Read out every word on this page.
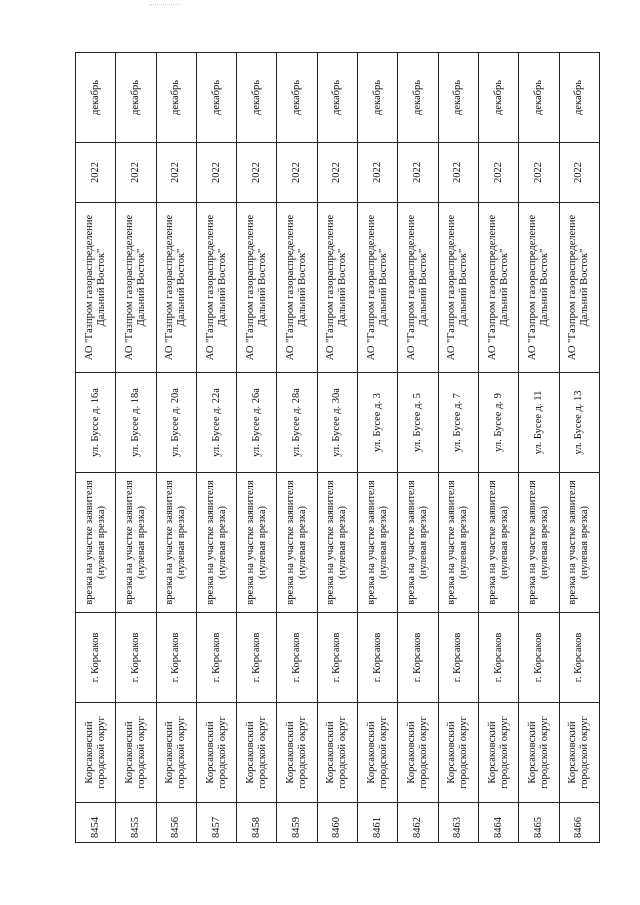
8454	Корсаковский городской округ	г. Корсаков	врезка на участке заявителя (нулевая врезка)	ул. Буссе д. 16а	АО "Газпром газораспределение Дальний Восток"	2022	декабрь
8455	Корсаковский городской округ	г. Корсаков	врезка на участке заявителя (нулевая врезка)	ул. Бусее д. 18а	АО "Газпром газораспределение Дальний Восток"	2022	декабрь
8456	Корсаковский городской округ	г. Корсаков	врезка на участке заявителя (нулевая врезка)	ул. Бусее д. 20а	АО "Газпром газораспределение Дальний Восток"	2022	декабрь
8457	Корсаковский городской округ	г. Корсаков	врезка на участке заявителя (нулевая врезка)	ул. Бусее д. 22а	АО "Газпром газораспределение Дальний Восток"	2022	декабрь
8458	Корсаковский городской округ	г. Корсаков	врезка на участке заявителя (нулевая врезка)	ул. Бусее д. 26а	АО "Газпром газораспределение Дальний Восток"	2022	декабрь
8459	Корсаковский городской округ	г. Корсаков	врезка на участке заявителя (нулевая врезка)	ул. Бусее д. 28а	АО "Газпром газораспределение Дальний Восток"	2022	декабрь
8460	Корсаковский городской округ	г. Корсаков	врезка на участке заявителя (нулевая врезка)	ул. Бусее д. 30а	АО "Газпром газораспределение Дальний Восток"	2022	декабрь
8461	Корсаковский городской округ	г. Корсаков	врезка на участке заявителя (нулевая врезка)	ул. Бусее д. 3	АО "Газпром газораспределение Дальний Восток"	2022	декабрь
8462	Корсаковский городской округ	г. Корсаков	врезка на участке заявителя (нулевая врезка)	ул. Бусее д. 5	АО "Газпром газораспределение Дальний Восток"	2022	декабрь
8463	Корсаковский городской округ	г. Корсаков	врезка на участке заявителя (нулевая врезка)	ул. Бусее д. 7	АО "Газпром газораспределение Дальний Восток"	2022	декабрь
8464	Корсаковский городской округ	г. Корсаков	врезка на участке заявителя (нулевая врезка)	ул. Бусее д. 9	АО "Газпром газораспределение Дальний Восток"	2022	декабрь
8465	Корсаковский городской округ	г. Корсаков	врезка на участке заявителя (нулевая врезка)	ул. Бусее д. 11	АО "Газпром газораспределение Дальний Восток"	2022	декабрь
8466	Корсаковский городской округ	г. Корсаков	врезка на участке заявителя (нулевая врезка)	ул. Бусее д. 13	АО "Газпром газораспределение Дальний Восток"	2022	декабрь
